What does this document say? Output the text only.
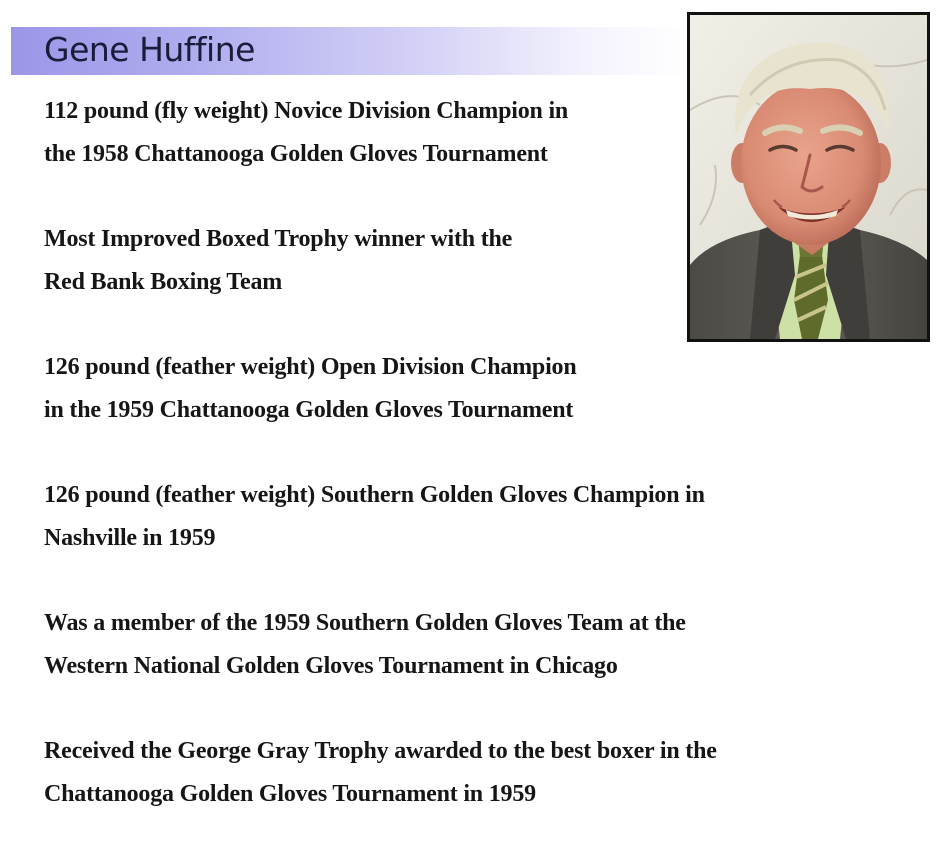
Gene Huffine
112 pound (fly weight) Novice Division Champion in
the 1958 Chattanooga Golden Gloves Tournament
Most Improved Boxed Trophy winner with the
Red Bank Boxing Team
126 pound (feather weight) Open Division Champion
in the 1959 Chattanooga Golden Gloves Tournament
126 pound (feather weight) Southern Golden Gloves Champion in
Nashville in 1959
Was a member of the 1959 Southern Golden Gloves Team at the
Western National Golden Gloves Tournament in Chicago
Received the George Gray Trophy awarded to the best boxer in the
Chattanooga Golden Gloves Tournament in 1959
